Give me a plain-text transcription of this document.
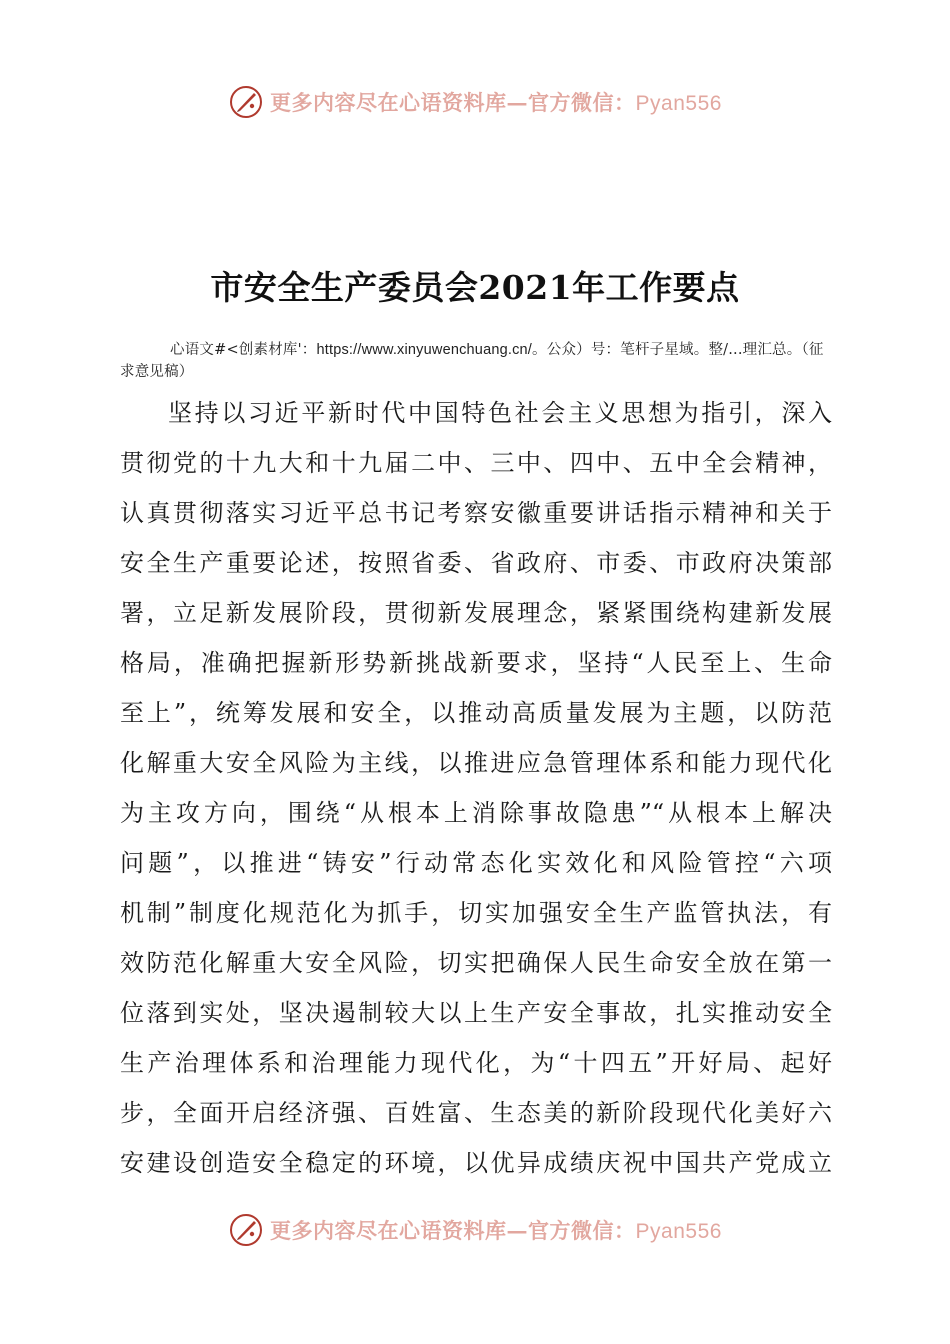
更多内容尽在心语资料库—官方微信：Pyan556
市安全生产委员会2021年工作要点

心语文#<创素材库'：https://www.xinyuwenchuang.cn/。公众）号：笔杆子星域。整/...理汇总。（征求意见稿）

坚持以习近平新时代中国特色社会主义思想为指引，深入
贯彻党的十九大和十九届二中、三中、四中、五中全会精神，
认真贯彻落实习近平总书记考察安徽重要讲话指示精神和关于
安全生产重要论述，按照省委、省政府、市委、市政府决策部
署，立足新发展阶段，贯彻新发展理念，紧紧围绕构建新发展
格局，准确把握新形势新挑战新要求，坚持“人民至上、生命
至上”，统筹发展和安全，以推动高质量发展为主题，以防范
化解重大安全风险为主线，以推进应急管理体系和能力现代化
为主攻方向，围绕“从根本上消除事故隐患”“从根本上解决
问题”，以推进“铸安”行动常态化实效化和风险管控“六项
机制”制度化规范化为抓手，切实加强安全生产监管执法，有
效防范化解重大安全风险，切实把确保人民生命安全放在第一
位落到实处，坚决遏制较大以上生产安全事故，扎实推动安全
生产治理体系和治理能力现代化，为“十四五”开好局、起好
步，全面开启经济强、百姓富、生态美的新阶段现代化美好六
安建设创造安全稳定的环境，以优异成绩庆祝中国共产党成立
更多内容尽在心语资料库—官方微信：Pyan556
